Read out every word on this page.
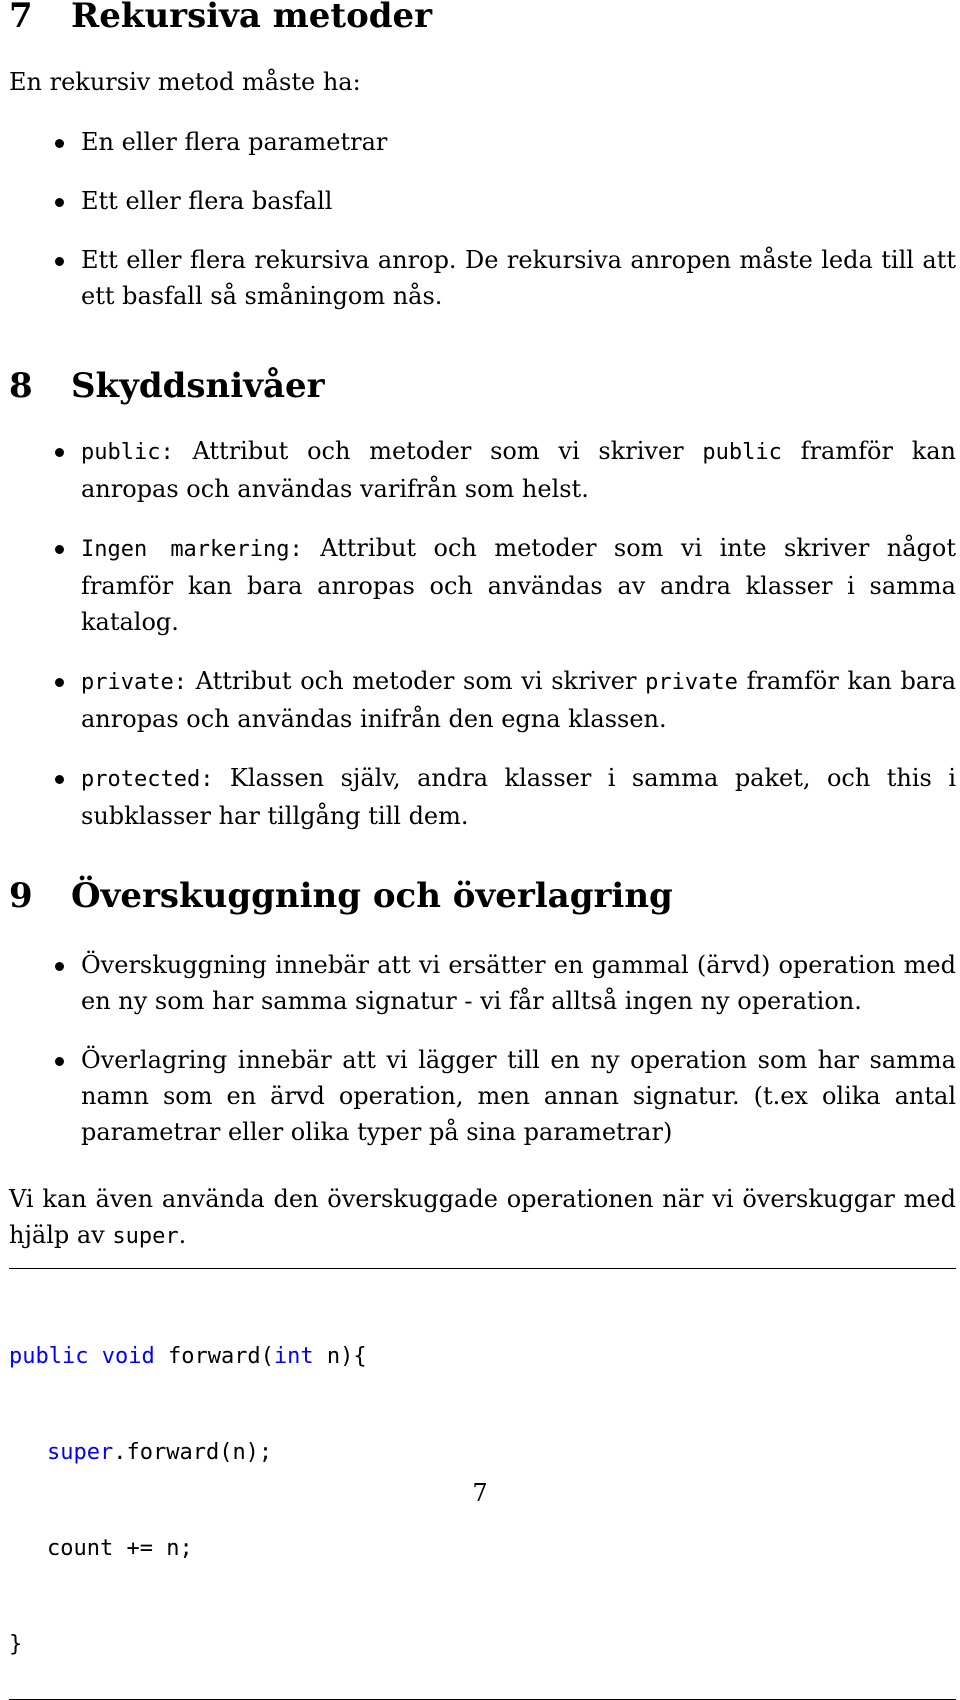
7 Rekursiva metoder

En rekursiv metod måste ha:

En eller flera parametrar
Ett eller flera basfall
Ett eller flera rekursiva anrop. De rekursiva anropen måste leda till att ett basfall så småningom nås.
8 Skyddsnivåer
public: Attribut och metoder som vi skriver public framför kan anropas och användas varifrån som helst.
Ingen markering: Attribut och metoder som vi inte skriver något framför kan bara anropas och användas av andra klasser i samma katalog.
private: Attribut och metoder som vi skriver private framför kan bara anropas och användas inifrån den egna klassen.
protected: Klassen själv, andra klasser i samma paket, och this i subklasser har tillgång till dem.
9 Överskuggning och överlagring
Överskuggning innebär att vi ersätter en gammal (ärvd) operation med en ny som har samma signatur - vi får alltså ingen ny operation.
Överlagring innebär att vi lägger till en ny operation som har samma namn som en ärvd operation, men annan signatur. (t.ex olika antal parametrar eller olika typer på sina parametrar)

Vi kan även använda den överskuggade operationen när vi överskuggar med hjälp av super.

public void forward(int n){

super.forward(n);

count += n;

}

7
